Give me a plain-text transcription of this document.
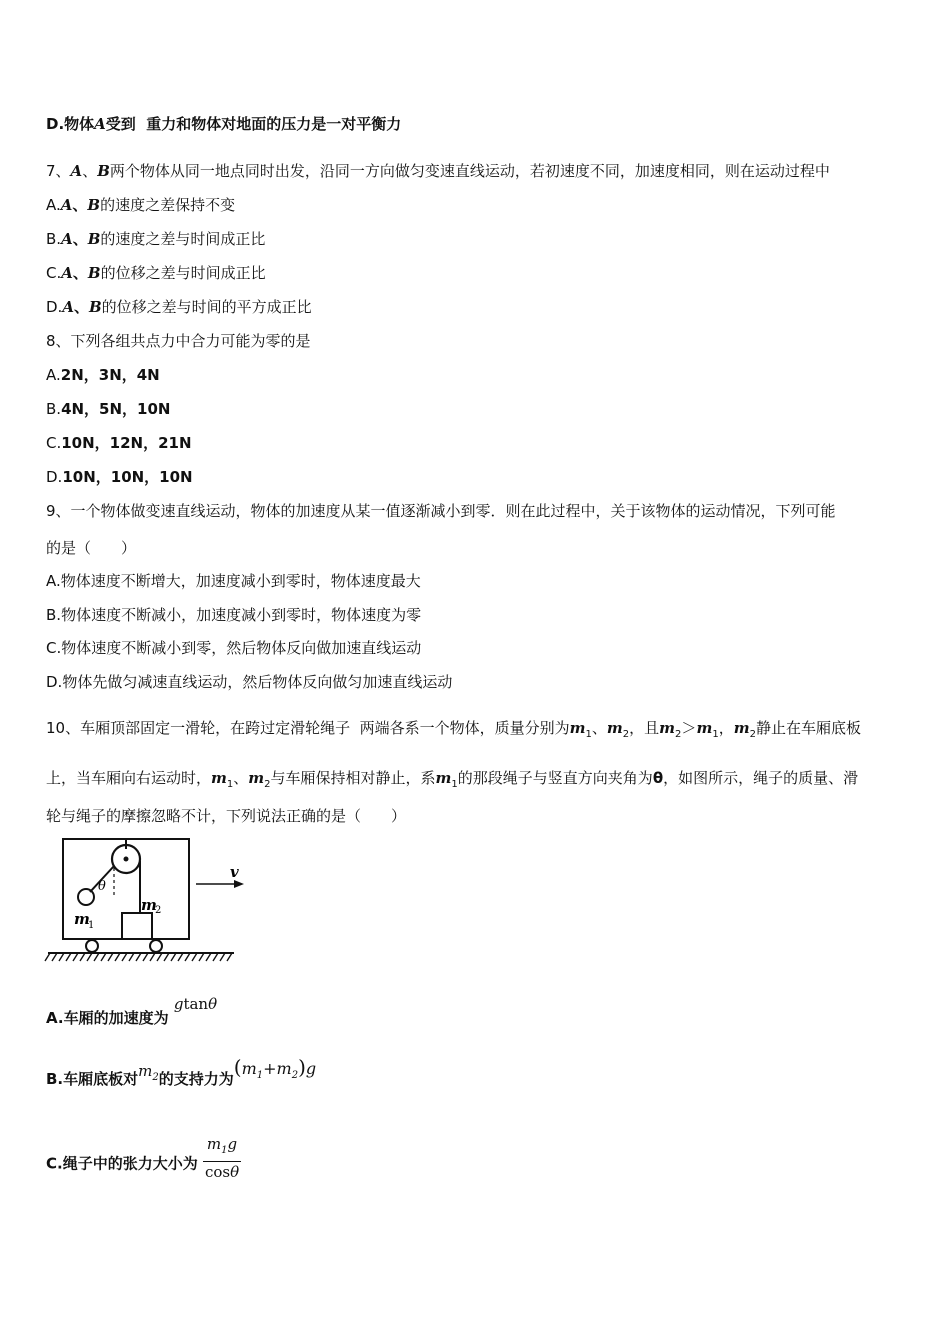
D.物体A受到  重力和物体对地面的压力是一对平衡力
7、A、B两个物体从同一地点同时出发，沿同一方向做匀变速直线运动，若初速度不同，加速度相同，则在运动过程中
A.A、B的速度之差保持不变
B.A、B的速度之差与时间成正比
C.A、B的位移之差与时间成正比
D.A、B的位移之差与时间的平方成正比
8、下列各组共点力中合力可能为零的是
A.2N，3N，4N
B.4N，5N，10N
C.10N，12N，21N
D.10N，10N，10N
9、一个物体做变速直线运动，物体的加速度从某一值逐渐减小到零．则在此过程中，关于该物体的运动情况，下列可能
的是（　　）
A.物体速度不断增大，加速度减小到零时，物体速度最大
B.物体速度不断减小，加速度减小到零时，物体速度为零
C.物体速度不断减小到零，然后物体反向做加速直线运动
D.物体先做匀减速直线运动，然后物体反向做匀加速直线运动
10、车厢顶部固定一滑轮，在跨过定滑轮绳子  两端各系一个物体，质量分别为$m_1$、$m_2$，且$m_2>m_1$，$m_2$静止在车厢底板
上，当车厢向右运动时，$m_1$、$m_2$与车厢保持相对静止，系$m_1$的那段绳子与竖直方向夹角为θ，如图所示，绳子的质量、滑
轮与绳子的摩擦忽略不计，下列说法正确的是（　　）
θ
m
1
m
2
v
A.车厢的加速度为 gtanθ
B.车厢底板对$m_2$的支持力为$(m_1+m_2)g$
C.绳子中的张力大小为 $\frac{m_1g}{\cos\theta}$
